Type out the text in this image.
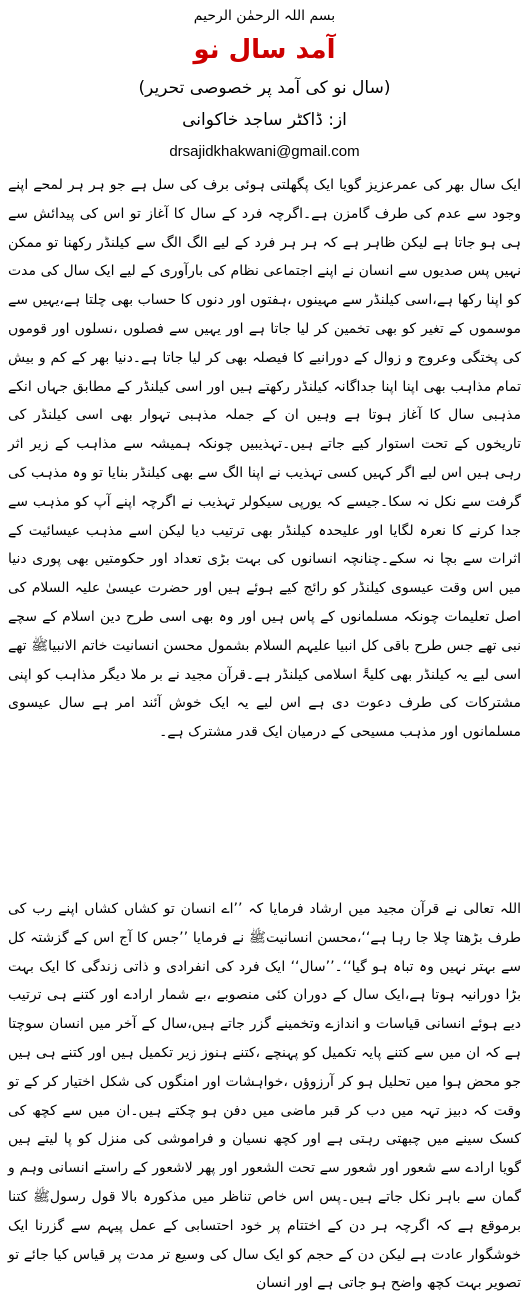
بسم اللہ الرحمٰن الرحیم
آمد سال نو
(سال نو کی آمد پر خصوصی تحریر)
از: ڈاکٹر ساجد خاکوانی
drsajidkhakwani@gmail.com

ایک سال بھر کی عمرعزیز گویا ایک پگھلتی ہوئی برف کی سل ہے جو ہر ہر لمحے اپنے وجود سے عدم کی طرف گامزن ہے۔اگرچہ فرد کے سال کا آغاز تو اس کی پیدائش سے ہی ہو جاتا ہے لیکن ظاہر ہے کہ ہر ہر فرد کے لیے الگ الگ سے کیلنڈر رکھنا تو ممکن نہیں پس صدیوں سے انسان نے اپنے اجتماعی نظام کی بارآوری کے لیے ایک سال کی مدت کو اپنا رکھا ہے،اسی کیلنڈر سے مہینوں ،ہفتوں اور دنوں کا حساب بھی چلتا ہے،یہیں سے موسموں کے تغیر کو بھی تخمین کر لیا جاتا ہے اور یہیں سے فصلوں ،نسلوں اور قوموں کی پختگی وعروج و زوال کے دورانیے کا فیصلہ بھی کر لیا جاتا ہے۔دنیا بھر کے کم و بیش تمام مذاہب بھی اپنا اپنا جداگانہ کیلنڈر رکھتے ہیں اور اسی کیلنڈر کے مطابق جہاں انکے مذہبی سال کا آغاز ہوتا ہے وہیں ان کے جملہ مذہبی تہوار بھی اسی کیلنڈر کی تاریخوں کے تحت استوار کیے جاتے ہیں۔تہذیبیں چونکہ ہمیشہ سے مذاہب کے زیر اثر رہی ہیں اس لیے اگر کہیں کسی تہذیب نے اپنا الگ سے بھی کیلنڈر بنایا تو وہ مذہب کی گرفت سے نکل نہ سکا۔جیسے کہ یورپی سیکولر تہذیب نے اگرچہ اپنے آپ کو مذہب سے جدا کرنے کا نعرہ لگایا اور علیحدہ کیلنڈر بھی ترتیب دیا لیکن اسے مذہب عیسائیت کے اثرات سے بچا نہ سکے۔چنانچہ انسانوں کی بہت بڑی تعداد اور حکومتیں بھی پوری دنیا میں اس وقت عیسوی کیلنڈر کو رائج کیے ہوئے ہیں اور حضرت عیسیٰ علیہ السلام کی اصل تعلیمات چونکہ مسلمانوں کے پاس ہیں اور وہ بھی اسی طرح دین اسلام کے سچے نبی تھے جس طرح باقی کل انبیا علیہم السلام بشمول محسن انسانیت خاتم الانبیاﷺ تھے اسی لیے یہ کیلنڈر بھی کلیۃََ اسلامی کیلنڈر ہے۔قرآن مجید نے بر ملا دیگر مذاہب کو اپنی مشترکات کی طرف دعوت دی ہے اس لیے یہ ایک خوش آئند امر ہے سال عیسوی مسلمانوں اور مذہب مسیحی کے درمیان ایک قدر مشترک ہے۔

اللہ تعالی نے قرآن مجید میں ارشاد فرمایا کہ ’’اے انسان تو کشاں کشاں اپنے رب کی طرف بڑھتا چلا جا رہا ہے‘‘،محسن انسانیتﷺ نے فرمایا ’’جس کا آج اس کے گزشتہ کل سے بہتر نہیں وہ تباہ ہو گیا‘‘۔’’سال‘‘ ایک فرد کی انفرادی و ذاتی زندگی کا ایک بہت بڑا دورانیہ ہوتا ہے،ایک سال کے دوران کئی منصوبے ،بے شمار ارادے اور کتنے ہی ترتیب دیے ہوئے انسانی قیاسات و اندازے وتخمینے گزر جاتے ہیں،سال کے آخر میں انسان سوچتا ہے کہ ان میں سے کتنے پایہ تکمیل کو پہنچے ،کتنے ہنوز زیر تکمیل ہیں اور کتنے ہی ہیں جو محض ہوا میں تحلیل ہو کر آرزوؤں ،خواہشات اور امنگوں کی شکل اختیار کر کے تو وقت کہ دبیز تہہ میں دب کر قبر ماضی میں دفن ہو چکتے ہیں۔ان میں سے کچھ کی کسک سینے میں چبھتی رہتی ہے اور کچھ نسیان و فراموشی کی منزل کو پا لیتے ہیں گویا ارادے سے شعور اور شعور سے تحت الشعور اور پھر لاشعور کے راستے انسانی وہم و گمان سے باہر نکل جاتے ہیں۔پس اس خاص تناظر میں مذکورہ بالا قول رسولﷺ کتنا برموقع ہے کہ اگرچہ ہر دن کے اختتام پر خود احتسابی کے عمل پیہم سے گزرنا ایک خوشگوار عادت ہے لیکن دن کے حجم کو ایک سال کی وسیع تر مدت پر قیاس کیا جائے تو تصویر بہت کچھ واضح ہو جاتی ہے اور انسان
